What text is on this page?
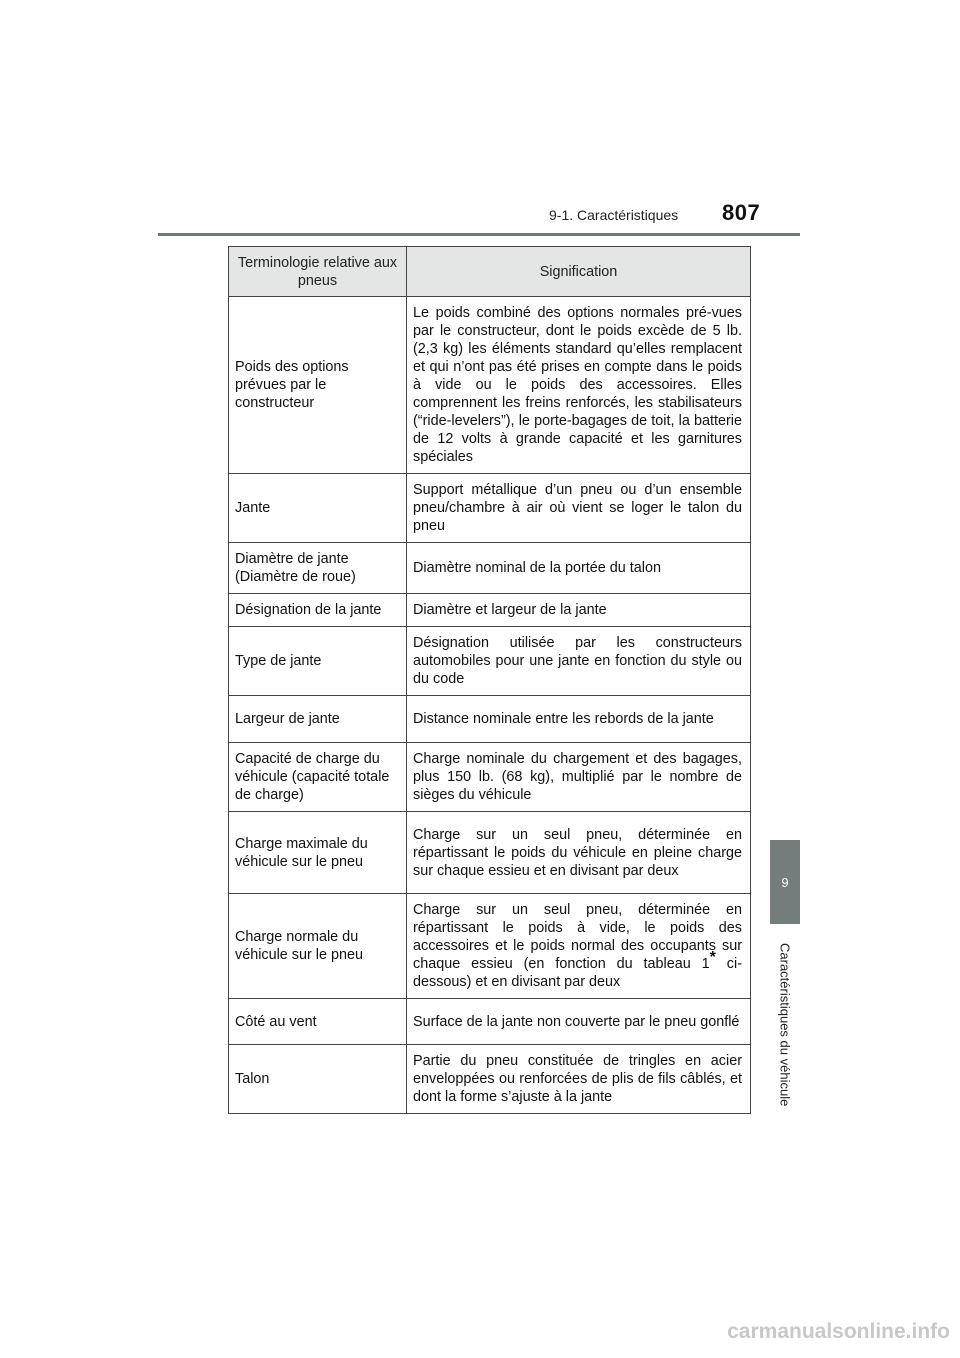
9-1. Caractéristiques 807
9
Caractéristiques du véhicule
Terminologie relative aux pneus	Signification
Poids des options prévues par le constructeur	Le poids combiné des options normales pré-vues par le constructeur, dont le poids excède de 5 lb. (2,3 kg) les éléments standard qu’elles remplacent et qui n’ont pas été prises en compte dans le poids à vide ou le poids des accessoires. Elles comprennent les freins renforcés, les stabilisateurs (“ride-levelers”), le porte-bagages de toit, la batterie de 12 volts à grande capacité et les garnitures spéciales
Jante	Support métallique d’un pneu ou d’un ensemble pneu/chambre à air où vient se loger le talon du pneu
Diamètre de jante (Diamètre de roue)	Diamètre nominal de la portée du talon
Désignation de la jante	Diamètre et largeur de la jante
Type de jante	Désignation utilisée par les constructeurs automobiles pour une jante en fonction du style ou du code
Largeur de jante	Distance nominale entre les rebords de la jante
Capacité de charge du véhicule (capacité totale de charge)	Charge nominale du chargement et des bagages, plus 150 lb. (68 kg), multiplié par le nombre de sièges du véhicule
Charge maximale du véhicule sur le pneu	Charge sur un seul pneu, déterminée en répartissant le poids du véhicule en pleine charge sur chaque essieu et en divisant par deux
Charge normale du véhicule sur le pneu	Charge sur un seul pneu, déterminée en répartissant le poids à vide, le poids des accessoires et le poids normal des occupants sur chaque essieu (en fonction du tableau 1* ci-dessous) et en divisant par deux
Côté au vent	Surface de la jante non couverte par le pneu gonflé
Talon	Partie du pneu constituée de tringles en acier enveloppées ou renforcées de plis de fils câblés, et dont la forme s’ajuste à la jante
carmanualsonline.info
